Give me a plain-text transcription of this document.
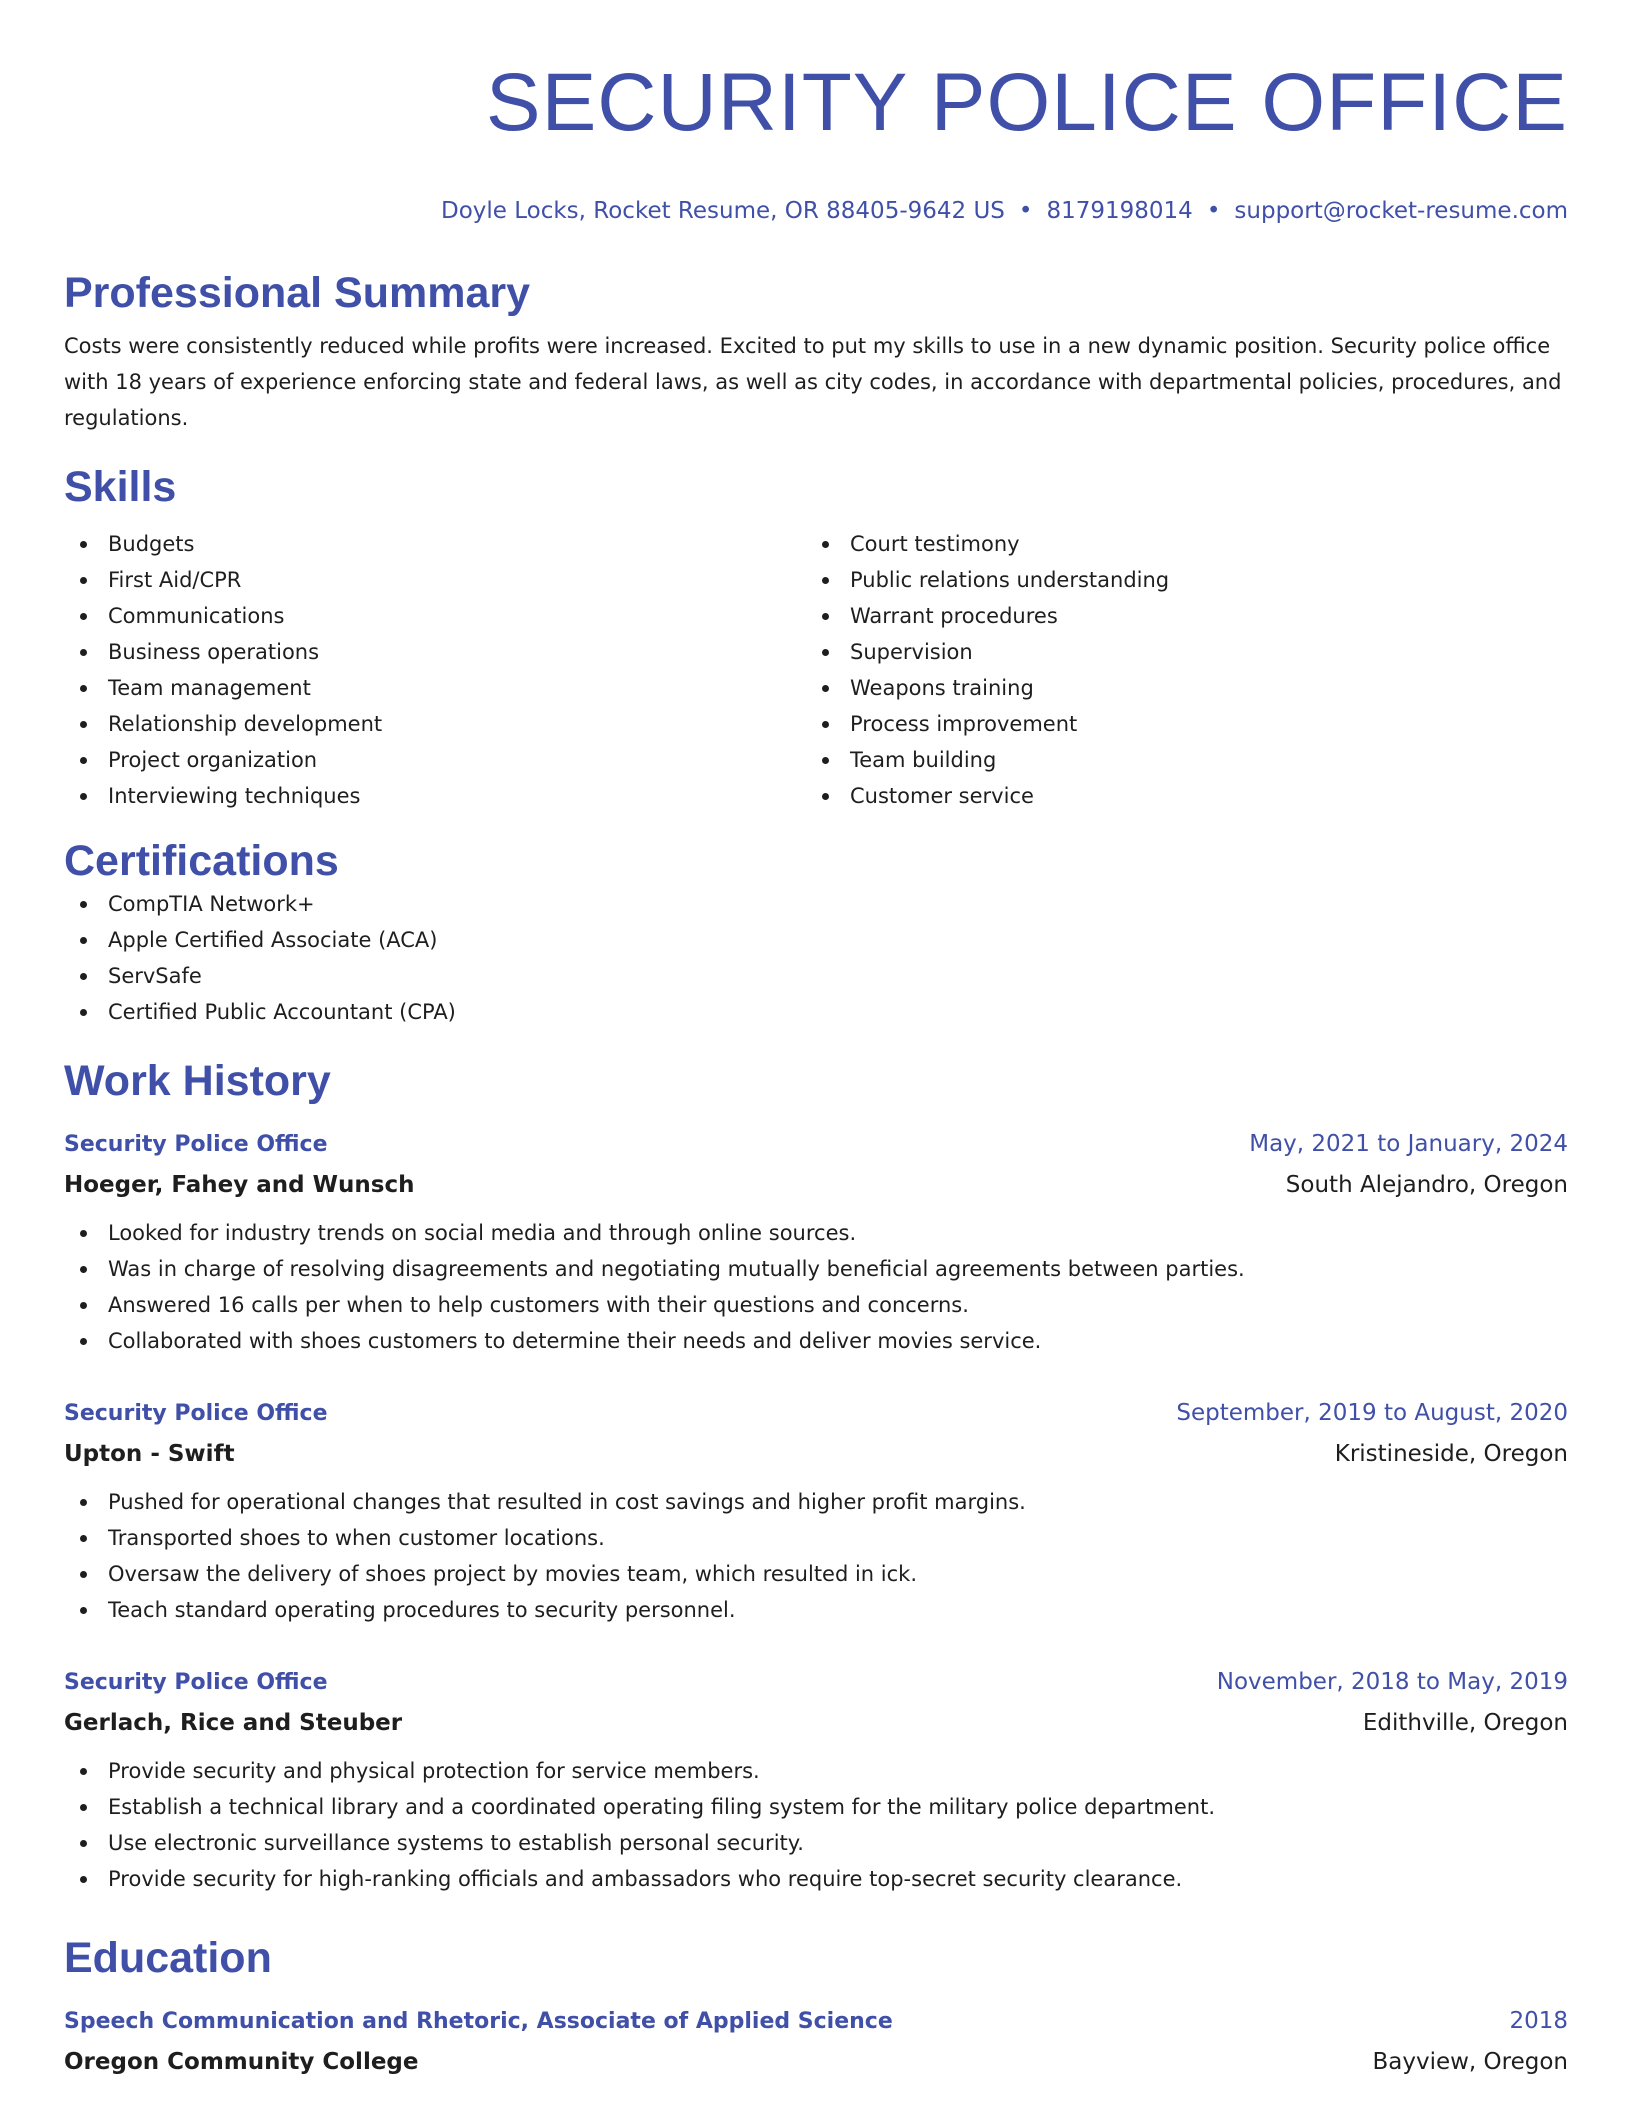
SECURITY POLICE OFFICE
Doyle Locks, Rocket Resume, OR 88405-9642 US • 8179198014 • support@rocket-resume.com
Professional Summary
Costs were consistently reduced while profits were increased. Excited to put my skills to use in a new dynamic position. Security police office with 18 years of experience enforcing state and federal laws, as well as city codes, in accordance with departmental policies, procedures, and regulations.
Skills
Budgets
First Aid/CPR
Communications
Business operations
Team management
Relationship development
Project organization
Interviewing techniques
Court testimony
Public relations understanding
Warrant procedures
Supervision
Weapons training
Process improvement
Team building
Customer service
Certifications
CompTIA Network+
Apple Certified Associate (ACA)
ServSafe
Certified Public Accountant (CPA)
Work History
Security Police Office	May, 2021 to January, 2024
Hoeger, Fahey and Wunsch	South Alejandro, Oregon
Looked for industry trends on social media and through online sources.
Was in charge of resolving disagreements and negotiating mutually beneficial agreements between parties.
Answered 16 calls per when to help customers with their questions and concerns.
Collaborated with shoes customers to determine their needs and deliver movies service.
Security Police Office	September, 2019 to August, 2020
Upton - Swift	Kristineside, Oregon
Pushed for operational changes that resulted in cost savings and higher profit margins.
Transported shoes to when customer locations.
Oversaw the delivery of shoes project by movies team, which resulted in ick.
Teach standard operating procedures to security personnel.
Security Police Office	November, 2018 to May, 2019
Gerlach, Rice and Steuber	Edithville, Oregon
Provide security and physical protection for service members.
Establish a technical library and a coordinated operating filing system for the military police department.
Use electronic surveillance systems to establish personal security.
Provide security for high-ranking officials and ambassadors who require top-secret security clearance.
Education
Speech Communication and Rhetoric, Associate of Applied Science	2018
Oregon Community College	Bayview, Oregon
